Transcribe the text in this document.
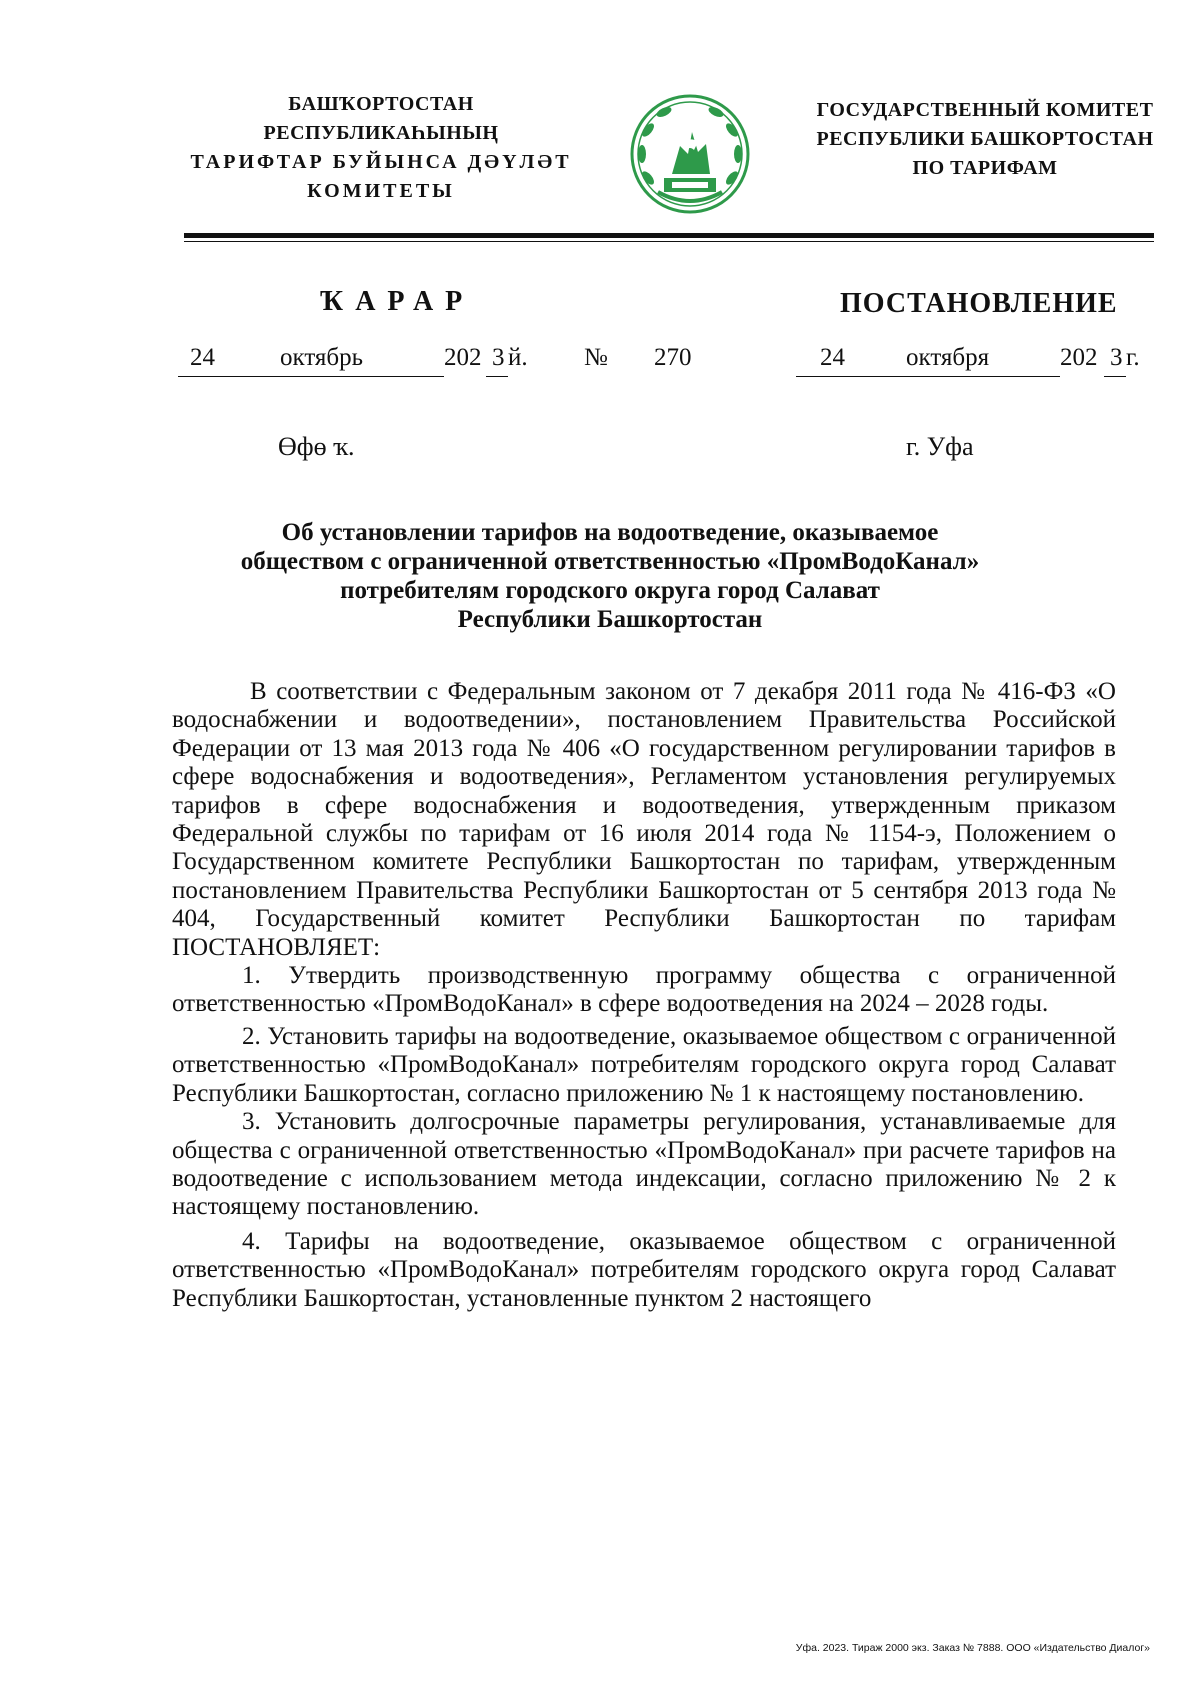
БАШҠОРТОСТАН РЕСПУБЛИКАҺЫНЫҢ
ТАРИФТАР БУЙЫНСА ДӘҮЛӘТ
КОМИТЕТЫ
ГОСУДАРСТВЕННЫЙ КОМИТЕТ
РЕСПУБЛИКИ БАШКОРТОСТАН
ПО ТАРИФАМ
ҠАРАР	ПОСТАНОВЛЕНИЕ
24	октябрь	202 3 й. № 270	24 октября	202 3 г.
Өфө ҡ.	г. Уфа
Об установлении тарифов на водоотведение, оказываемое
обществом с ограниченной ответственностью «ПромВодоКанал»
потребителям городского округа город Салават
Республики Башкортостан

В соответствии с Федеральным законом от 7 декабря 2011 года № 416-ФЗ «О водоснабжении и водоотведении», постановлением Правительства Российской Федерации от 13 мая 2013 года № 406 «О государственном регулировании тарифов в сфере водоснабжения и водоотведения», Регламентом установления регулируемых тарифов в сфере водоснабжения и водоотведения, утвержденным приказом Федеральной службы по тарифам от 16 июля 2014 года № 1154-э, Положением о Государственном комитете Республики Башкортостан по тарифам, утвержденным постановлением Правительства Республики Башкортостан от 5 сентября 2013 года № 404, Государственный комитет Республики Башкортостан по тарифам ПОСТАНОВЛЯЕТ:

1. Утвердить производственную программу общества с ограниченной ответственностью «ПромВодоКанал» в сфере водоотведения на 2024 – 2028 годы.

2. Установить тарифы на водоотведение, оказываемое обществом с ограниченной ответственностью «ПромВодоКанал» потребителям городского округа город Салават Республики Башкортостан, согласно приложению № 1 к настоящему постановлению.

3. Установить долгосрочные параметры регулирования, устанавливаемые для общества с ограниченной ответственностью «ПромВодоКанал» при расчете тарифов на водоотведение с использованием метода индексации, согласно приложению № 2 к настоящему постановлению.

4. Тарифы на водоотведение, оказываемое обществом с ограниченной ответственностью «ПромВодоКанал» потребителям городского округа город Салават Республики Башкортостан, установленные пунктом 2 настоящего

Уфа. 2023. Тираж 2000 экз. Заказ № 7888. ООО «Издательство Диалог»
